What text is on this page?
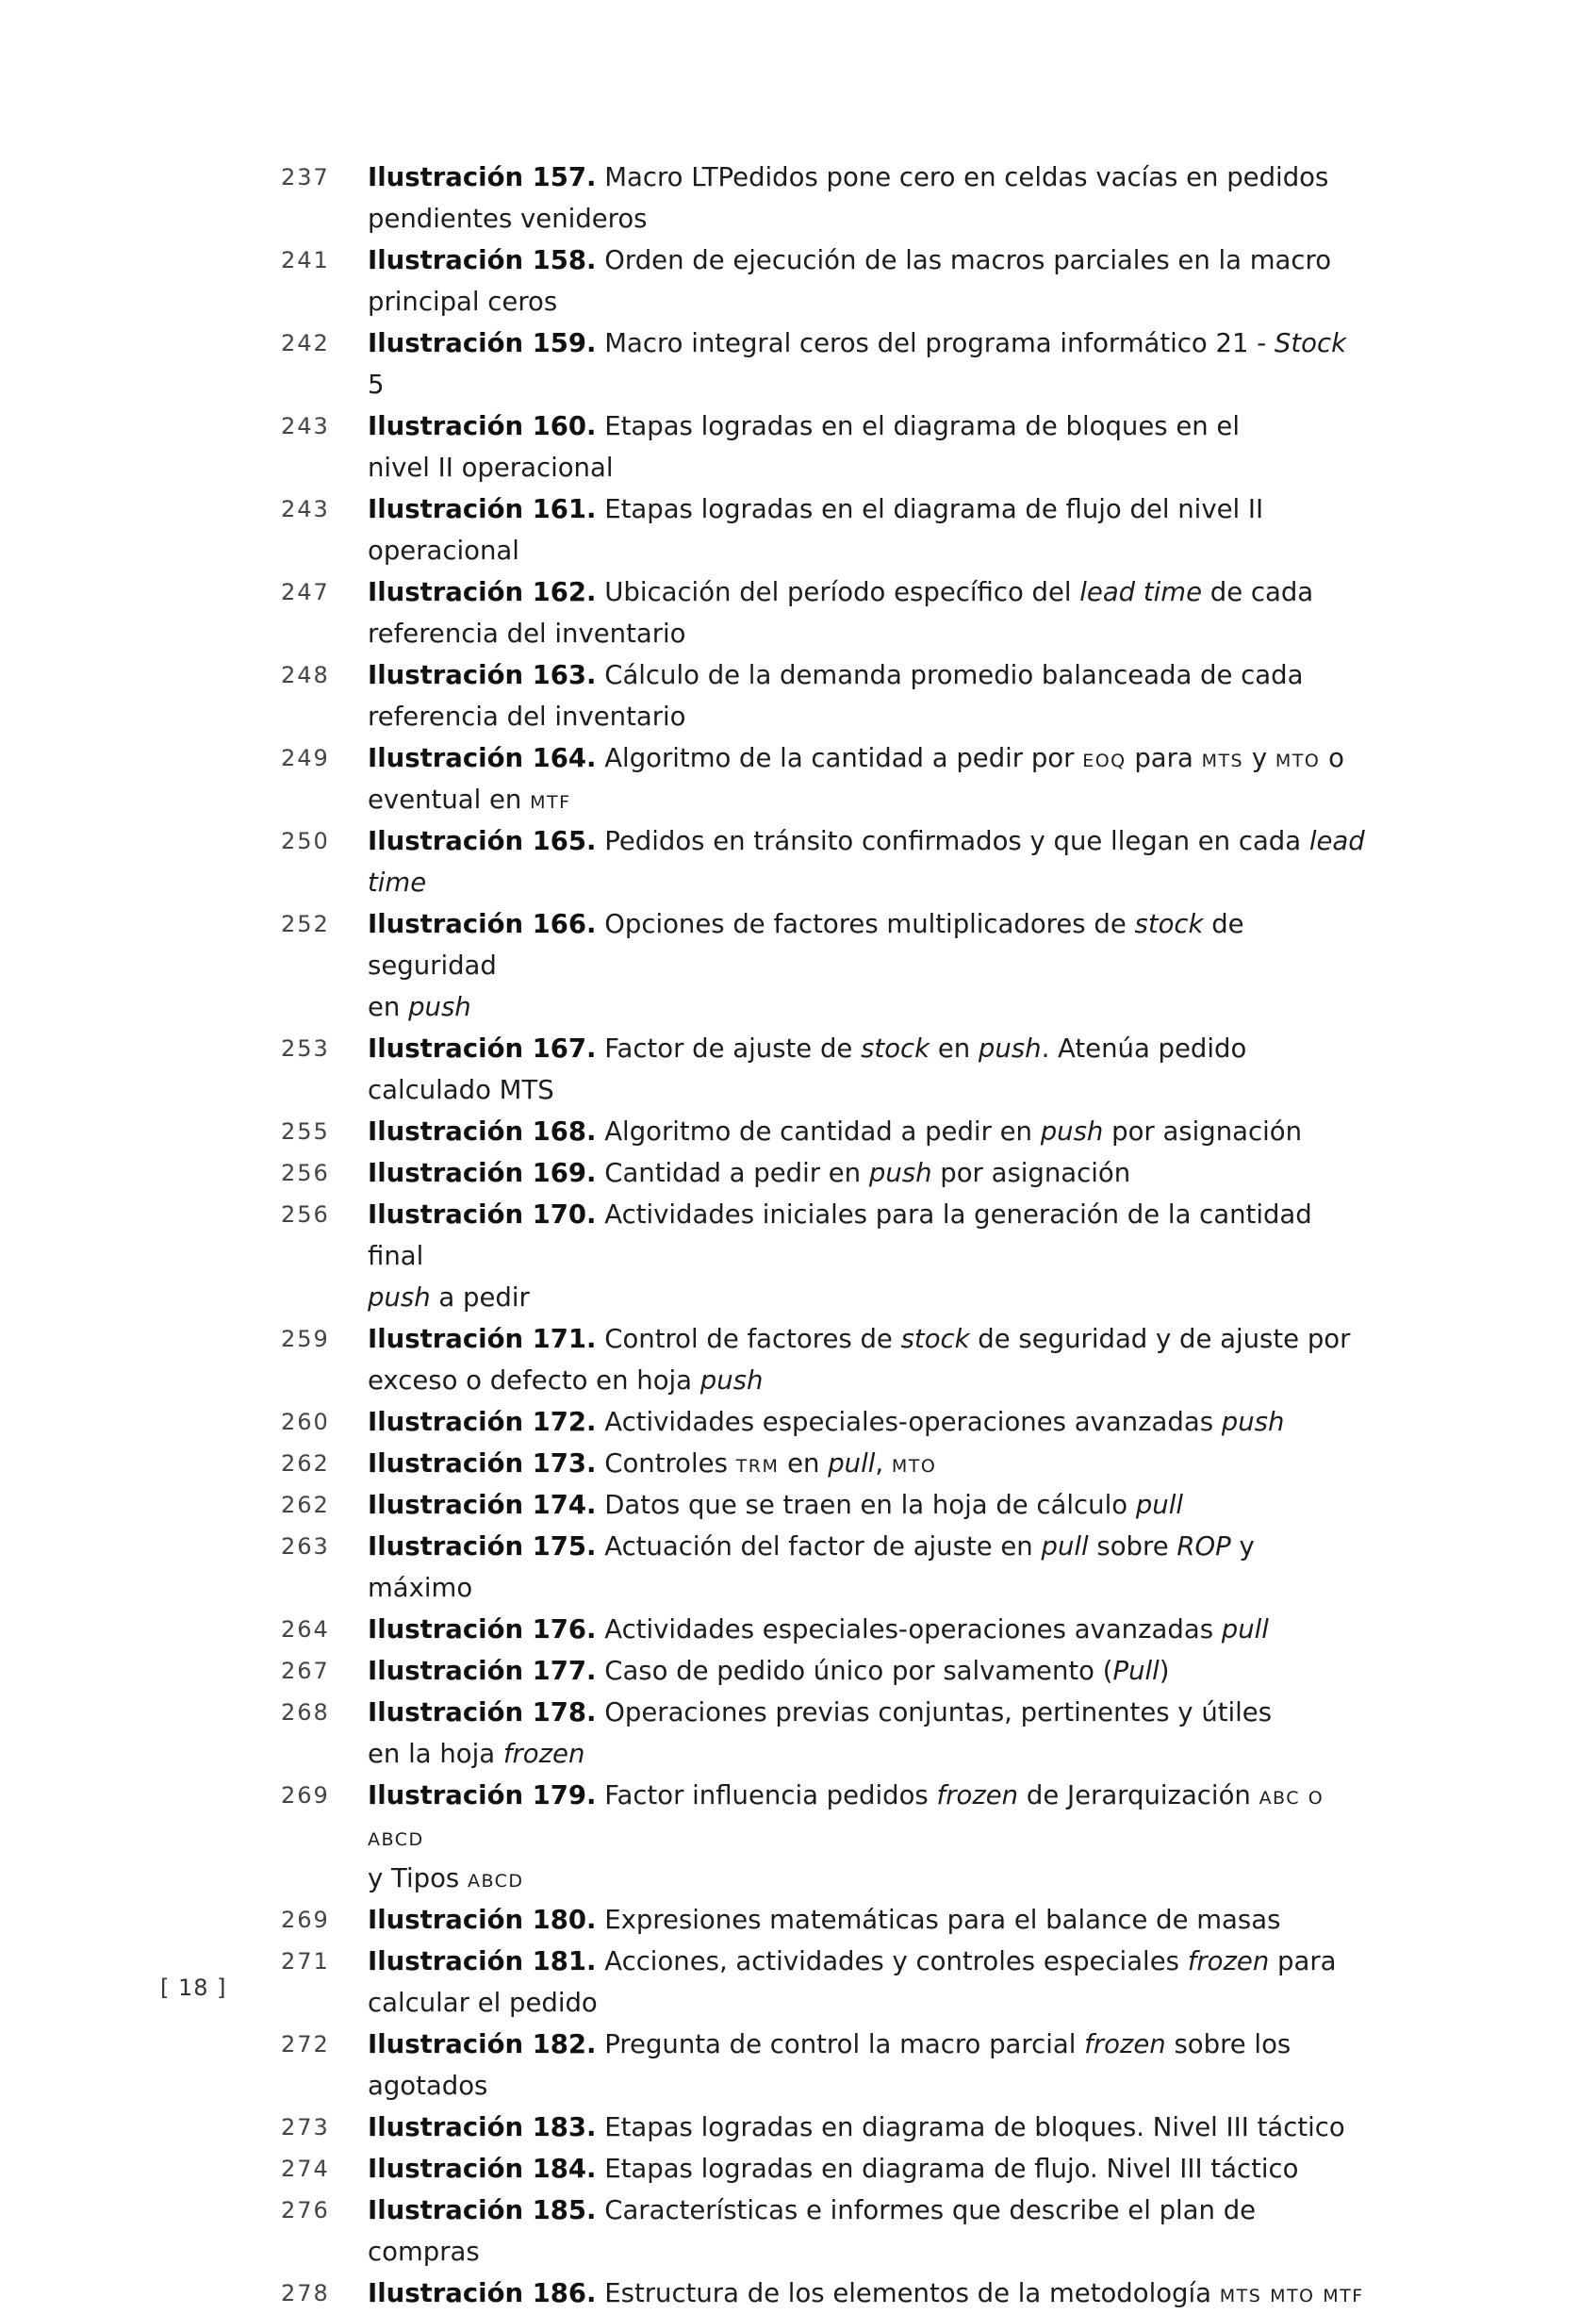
237 Ilustración 157. Macro LTPedidos pone cero en celdas vacías en pedidos pendientes venideros
241 Ilustración 158. Orden de ejecución de las macros parciales en la macro principal ceros
242 Ilustración 159. Macro integral ceros del programa informático 21 - Stock 5
243 Ilustración 160. Etapas logradas en el diagrama de bloques en el
nivel II operacional
243 Ilustración 161. Etapas logradas en el diagrama de flujo del nivel II operacional
247 Ilustración 162. Ubicación del período específico del lead time de cada referencia del inventario
248 Ilustración 163. Cálculo de la demanda promedio balanceada de cada referencia del inventario
249 Ilustración 164. Algoritmo de la cantidad a pedir por eoq para mts y mto o
eventual en mtf
250 Ilustración 165. Pedidos en tránsito confirmados y que llegan en cada lead time
252 Ilustración 166. Opciones de factores multiplicadores de stock de seguridad
en push
253 Ilustración 167. Factor de ajuste de stock en push. Atenúa pedido calculado MTS
255 Ilustración 168. Algoritmo de cantidad a pedir en push por asignación
256 Ilustración 169. Cantidad a pedir en push por asignación
256 Ilustración 170. Actividades iniciales para la generación de la cantidad final
push a pedir
259 Ilustración 171. Control de factores de stock de seguridad y de ajuste por exceso o defecto en hoja push
260 Ilustración 172. Actividades especiales-operaciones avanzadas push
262 Ilustración 173. Controles trm en pull, mto
262 Ilustración 174. Datos que se traen en la hoja de cálculo pull
263 Ilustración 175. Actuación del factor de ajuste en pull sobre ROP y máximo
264 Ilustración 176. Actividades especiales-operaciones avanzadas pull
267 Ilustración 177. Caso de pedido único por salvamento (Pull)
268 Ilustración 178. Operaciones previas conjuntas, pertinentes y útiles
en la hoja frozen
269 Ilustración 179. Factor influencia pedidos frozen de Jerarquización abc o abcd
y Tipos abcd
269 Ilustración 180. Expresiones matemáticas para el balance de masas
271 Ilustración 181. Acciones, actividades y controles especiales frozen para
calcular el pedido
272 Ilustración 182. Pregunta de control la macro parcial frozen sobre los agotados
273 Ilustración 183. Etapas logradas en diagrama de bloques. Nivel III táctico
274 Ilustración 184. Etapas logradas en diagrama de flujo. Nivel III táctico
276 Ilustración 185. Características e informes que describe el plan de compras
278 Ilustración 186. Estructura de los elementos de la metodología mts mto mtf
[ 18 ]
